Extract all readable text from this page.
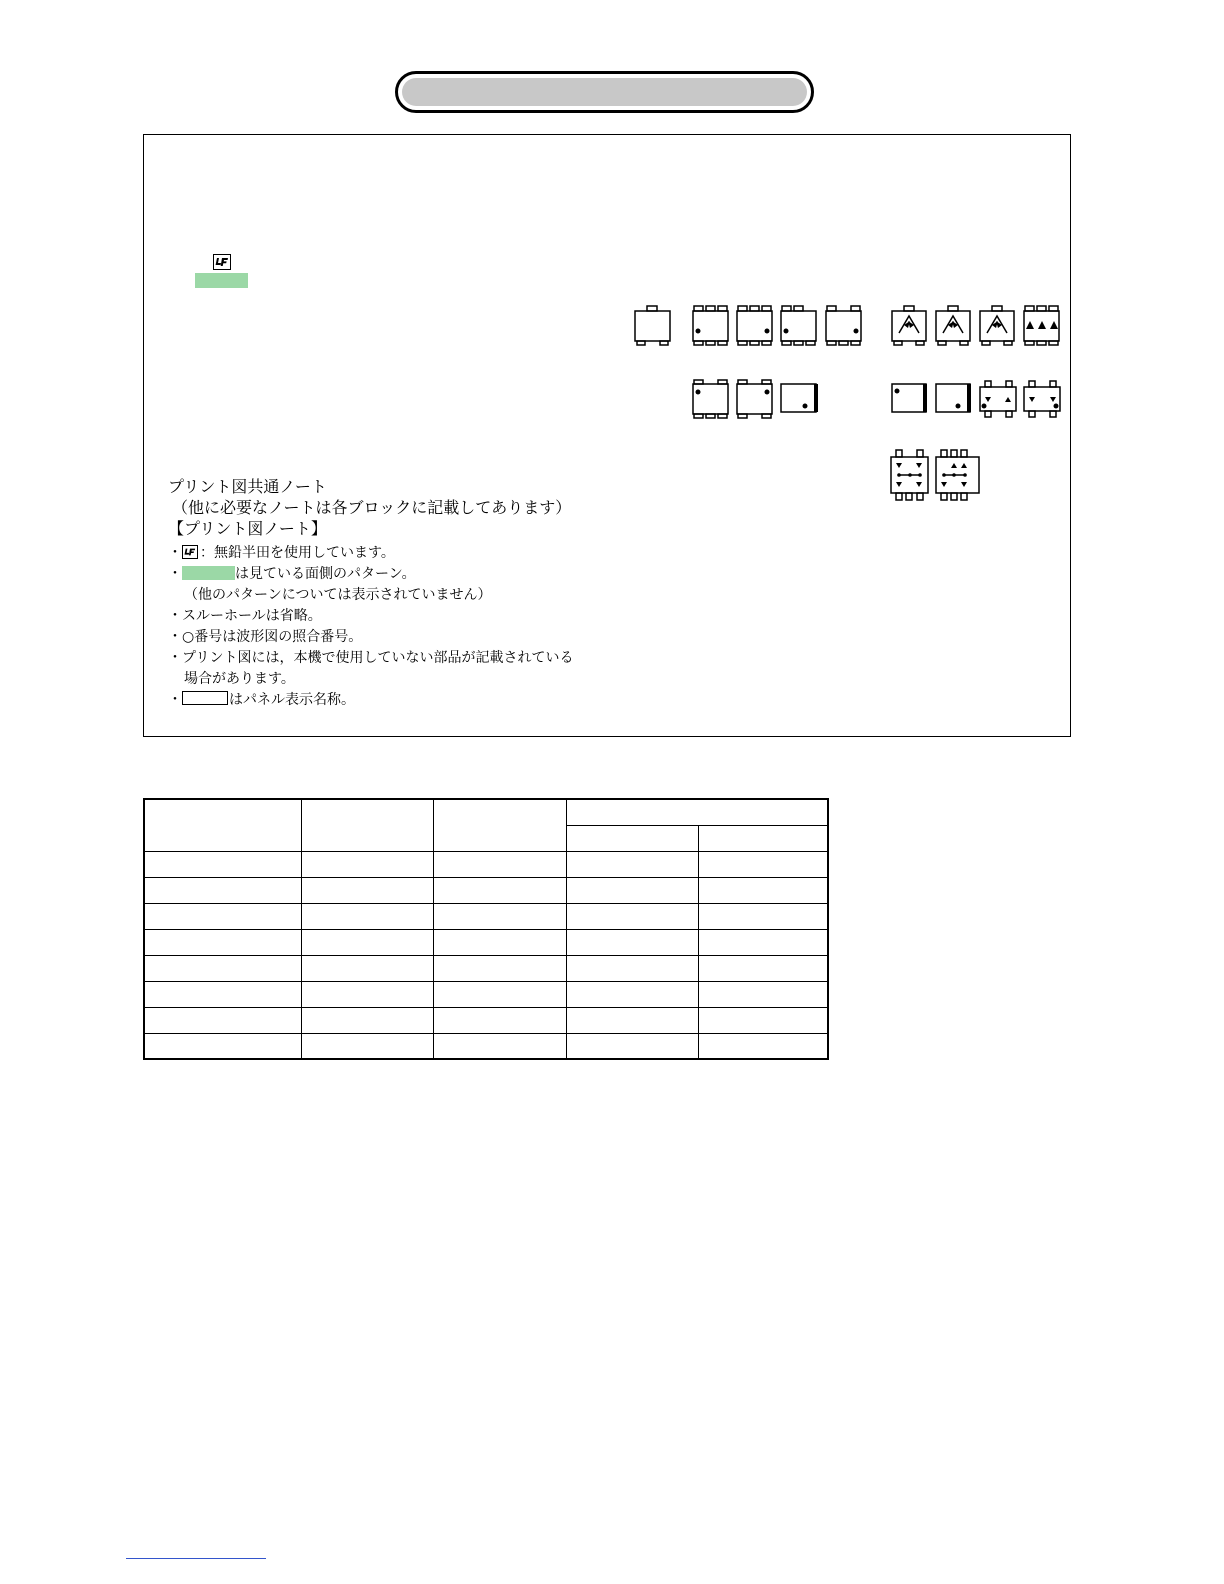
プリント図共通ノート
（他に必要なノートは各ブロックに記載してあります）
【プリント図ノート】
・ ：無鉛半田を使用しています。
・	は見ている面側のパターン。
（他のパターンについては表示されていません）
・スルーホールは省略。
・○番号は波形図の照合番号。
・プリント図には，本機で使用していない部品が記載されている
場合があります。
・	はパネル表示名称。
